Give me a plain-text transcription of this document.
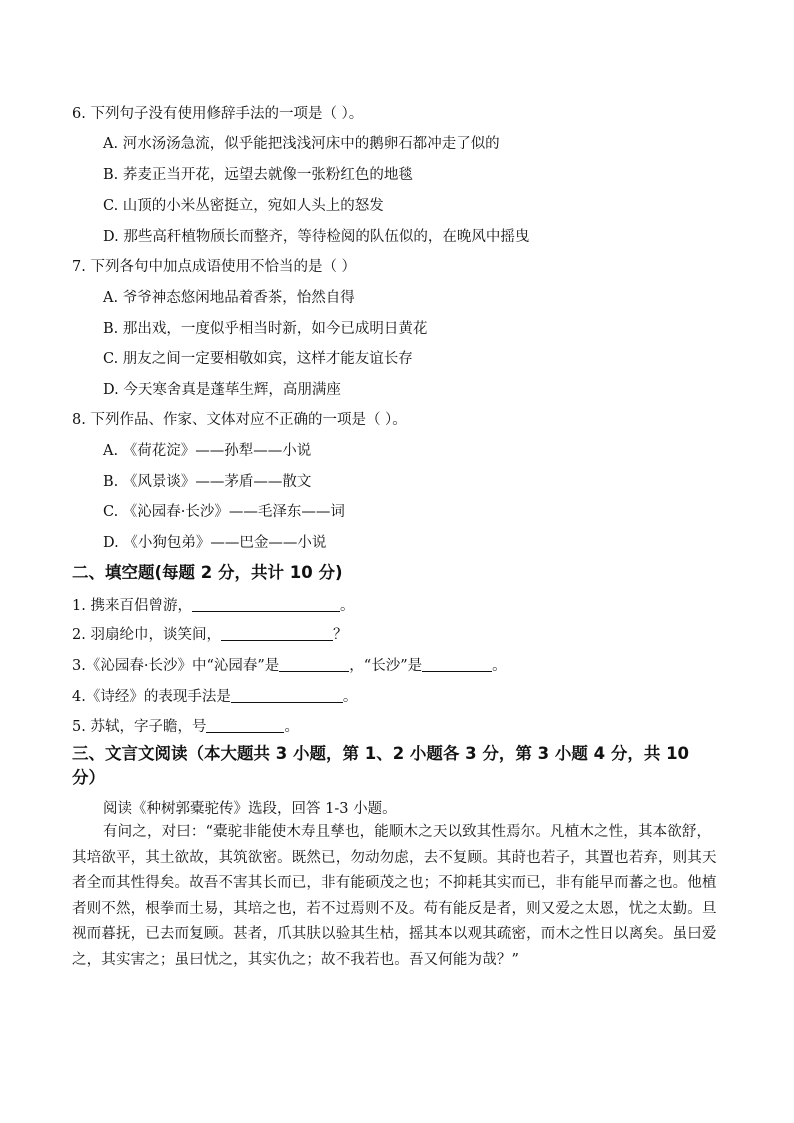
6. 下列句子没有使用修辞手法的一项是（ ）。
A. 河水汤汤急流，似乎能把浅浅河床中的鹅卵石都冲走了似的
B. 荞麦正当开花，远望去就像一张粉红色的地毯
C. 山顶的小米丛密挺立，宛如人头上的怒发
D. 那些高秆植物颀长而整齐，等待检阅的队伍似的，在晚风中摇曳
7. 下列各句中加点成语使用不恰当的是（ ）
A. 爷爷神态悠闲地品着香茶，怡然自得
B. 那出戏，一度似乎相当时新，如今已成明日黄花
C. 朋友之间一定要相敬如宾，这样才能友谊长存
D. 今天寒舍真是蓬荜生辉，高朋满座
8. 下列作品、作家、文体对应不正确的一项是（ ）。
A. 《荷花淀》——孙犁——小说
B. 《风景谈》——茅盾——散文
C. 《沁园春·长沙》——毛泽东——词
D. 《小狗包弟》——巴金——小说
二、填空题(每题 2 分，共计 10 分)
1. 携来百侣曾游，	。
2. 羽扇纶巾，谈笑间，	？
3.《沁园春·长沙》中“沁园春”是	，“长沙”是	。
4.《诗经》的表现手法是	。
5. 苏轼，字子瞻，号	。
三、文言文阅读（本大题共 3 小题，第 1、2 小题各 3 分，第 3 小题 4 分，共 10
分）
阅读《种树郭橐驼传》选段，回答 1-3 小题。
有问之，对曰：“橐驼非能使木寿且孳也，能顺木之天以致其性焉尔。凡植木之性，其本欲舒，其培欲平，其土欲故，其筑欲密。既然已，勿动勿虑，去不复顾。其莳也若子，其置也若弃，则其天者全而其性得矣。故吾不害其长而已，非有能硕茂之也；不抑耗其实而已，非有能早而蕃之也。他植者则不然，根拳而土易，其培之也，若不过焉则不及。苟有能反是者，则又爱之太恩，忧之太勤。旦视而暮抚，已去而复顾。甚者，爪其肤以验其生枯，摇其本以观其疏密，而木之性日以离矣。虽曰爱之，其实害之；虽曰忧之，其实仇之；故不我若也。吾又何能为哉？”
